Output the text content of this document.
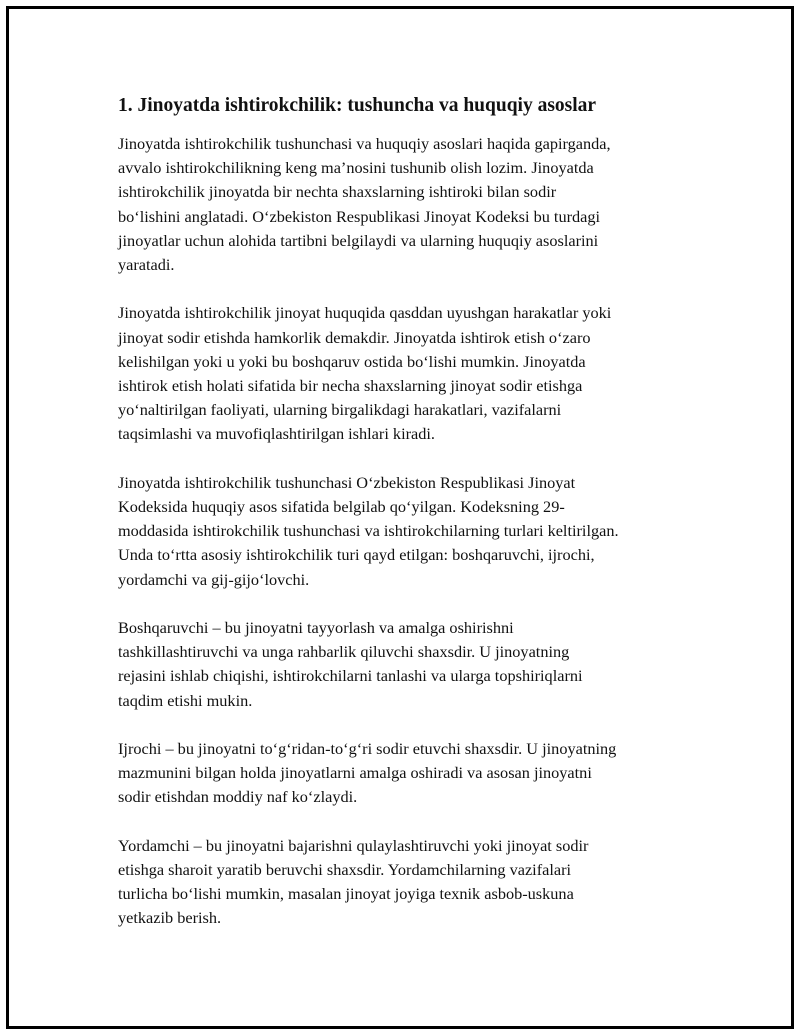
1. Jinoyatda ishtirokchilik: tushuncha va huquqiy asoslar

Jinoyatda ishtirokchilik tushunchasi va huquqiy asoslari haqida gapirganda,
avvalo ishtirokchilikning keng ma’nosini tushunib olish lozim. Jinoyatda
ishtirokchilik jinoyatda bir nechta shaxslarning ishtiroki bilan sodir
bo‘lishini anglatadi. O‘zbekiston Respublikasi Jinoyat Kodeksi bu turdagi
jinoyatlar uchun alohida tartibni belgilaydi va ularning huquqiy asoslarini
yaratadi.

Jinoyatda ishtirokchilik jinoyat huquqida qasddan uyushgan harakatlar yoki
jinoyat sodir etishda hamkorlik demakdir. Jinoyatda ishtirok etish o‘zaro
kelishilgan yoki u yoki bu boshqaruv ostida bo‘lishi mumkin. Jinoyatda
ishtirok etish holati sifatida bir necha shaxslarning jinoyat sodir etishga
yo‘naltirilgan faoliyati, ularning birgalikdagi harakatlari, vazifalarni
taqsimlashi va muvofiqlashtirilgan ishlari kiradi.

Jinoyatda ishtirokchilik tushunchasi O‘zbekiston Respublikasi Jinoyat
Kodeksida huquqiy asos sifatida belgilab qo‘yilgan. Kodeksning 29-
moddasida ishtirokchilik tushunchasi va ishtirokchilarning turlari keltirilgan.
Unda to‘rtta asosiy ishtirokchilik turi qayd etilgan: boshqaruvchi, ijrochi,
yordamchi va gij-gijo‘lovchi.

Boshqaruvchi – bu jinoyatni tayyorlash va amalga oshirishni
tashkillashtiruvchi va unga rahbarlik qiluvchi shaxsdir. U jinoyatning
rejasini ishlab chiqishi, ishtirokchilarni tanlashi va ularga topshiriqlarni
taqdim etishi mukin.

Ijrochi – bu jinoyatni to‘g‘ridan-to‘g‘ri sodir etuvchi shaxsdir. U jinoyatning
mazmunini bilgan holda jinoyatlarni amalga oshiradi va asosan jinoyatni
sodir etishdan moddiy naf ko‘zlaydi.

Yordamchi – bu jinoyatni bajarishni qulaylashtiruvchi yoki jinoyat sodir
etishga sharoit yaratib beruvchi shaxsdir. Yordamchilarning vazifalari
turlicha bo‘lishi mumkin, masalan jinoyat joyiga texnik asbob-uskuna
yetkazib berish.
